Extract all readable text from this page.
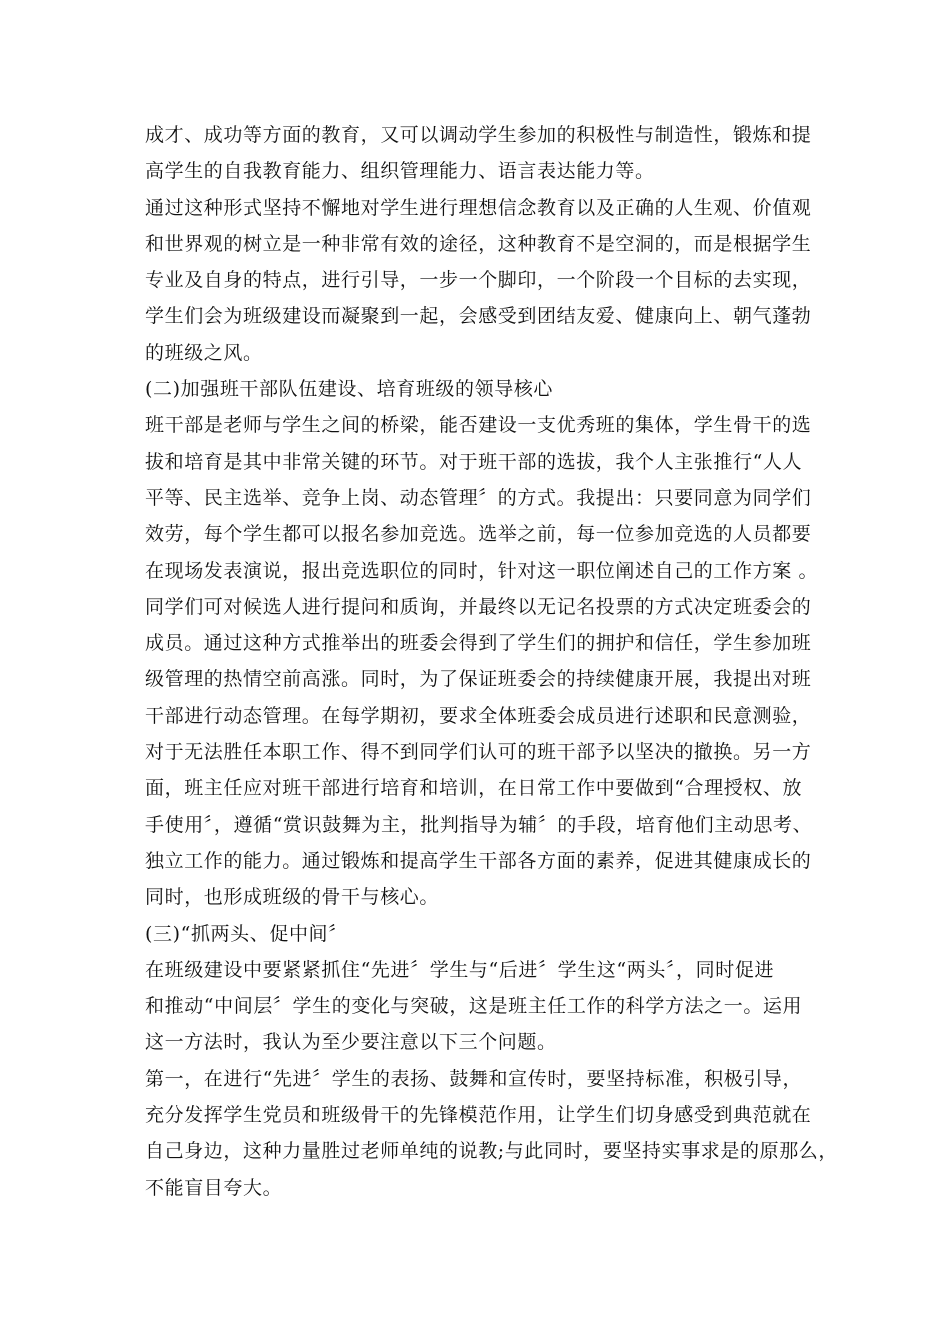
成才、成功等方面的教育，又可以调动学生参加的积极性与制造性，锻炼和提
高学生的自我教育能力、组织管理能力、语言表达能力等。
通过这种形式坚持不懈地对学生进行理想信念教育以及正确的人生观、价值观
和世界观的树立是一种非常有效的途径，这种教育不是空洞的，而是根据学生
专业及自身的特点，进行引导，一步一个脚印，一个阶段一个目标的去实现，
学生们会为班级建设而凝聚到一起，会感受到团结友爱、健康向上、朝气蓬勃
的班级之风。
(二)加强班干部队伍建设、培育班级的领导核心
班干部是老师与学生之间的桥梁，能否建设一支优秀班的集体，学生骨干的选
拔和培育是其中非常关键的环节。对于班干部的选拔，我个人主张推行“人人
平等、民主选举、竞争上岗、动态管理〞的方式。我提出：只要同意为同学们
效劳，每个学生都可以报名参加竞选。选举之前，每一位参加竞选的人员都要
在现场发表演说，报出竞选职位的同时，针对这一职位阐述自己的工作方案 。
同学们可对候选人进行提问和质询，并最终以无记名投票的方式决定班委会的
成员。通过这种方式推举出的班委会得到了学生们的拥护和信任，学生参加班
级管理的热情空前高涨。同时，为了保证班委会的持续健康开展，我提出对班
干部进行动态管理。在每学期初，要求全体班委会成员进行述职和民意测验，
对于无法胜任本职工作、得不到同学们认可的班干部予以坚决的撤换。另一方
面，班主任应对班干部进行培育和培训，在日常工作中要做到“合理授权、放
手使用〞，遵循“赏识鼓舞为主，批判指导为辅〞的手段，培育他们主动思考、
独立工作的能力。通过锻炼和提高学生干部各方面的素养，促进其健康成长的
同时，也形成班级的骨干与核心。
(三)“抓两头、促中间〞
在班级建设中要紧紧抓住“先进〞学生与“后进〞学生这“两头〞，同时促进
和推动“中间层〞学生的变化与突破，这是班主任工作的科学方法之一。运用
这一方法时，我认为至少要注意以下三个问题。
第一，在进行“先进〞学生的表扬、鼓舞和宣传时，要坚持标准，积极引导，
充分发挥学生党员和班级骨干的先锋模范作用，让学生们切身感受到典范就在
自己身边，这种力量胜过老师单纯的说教;与此同时，要坚持实事求是的原那么，
不能盲目夸大。
